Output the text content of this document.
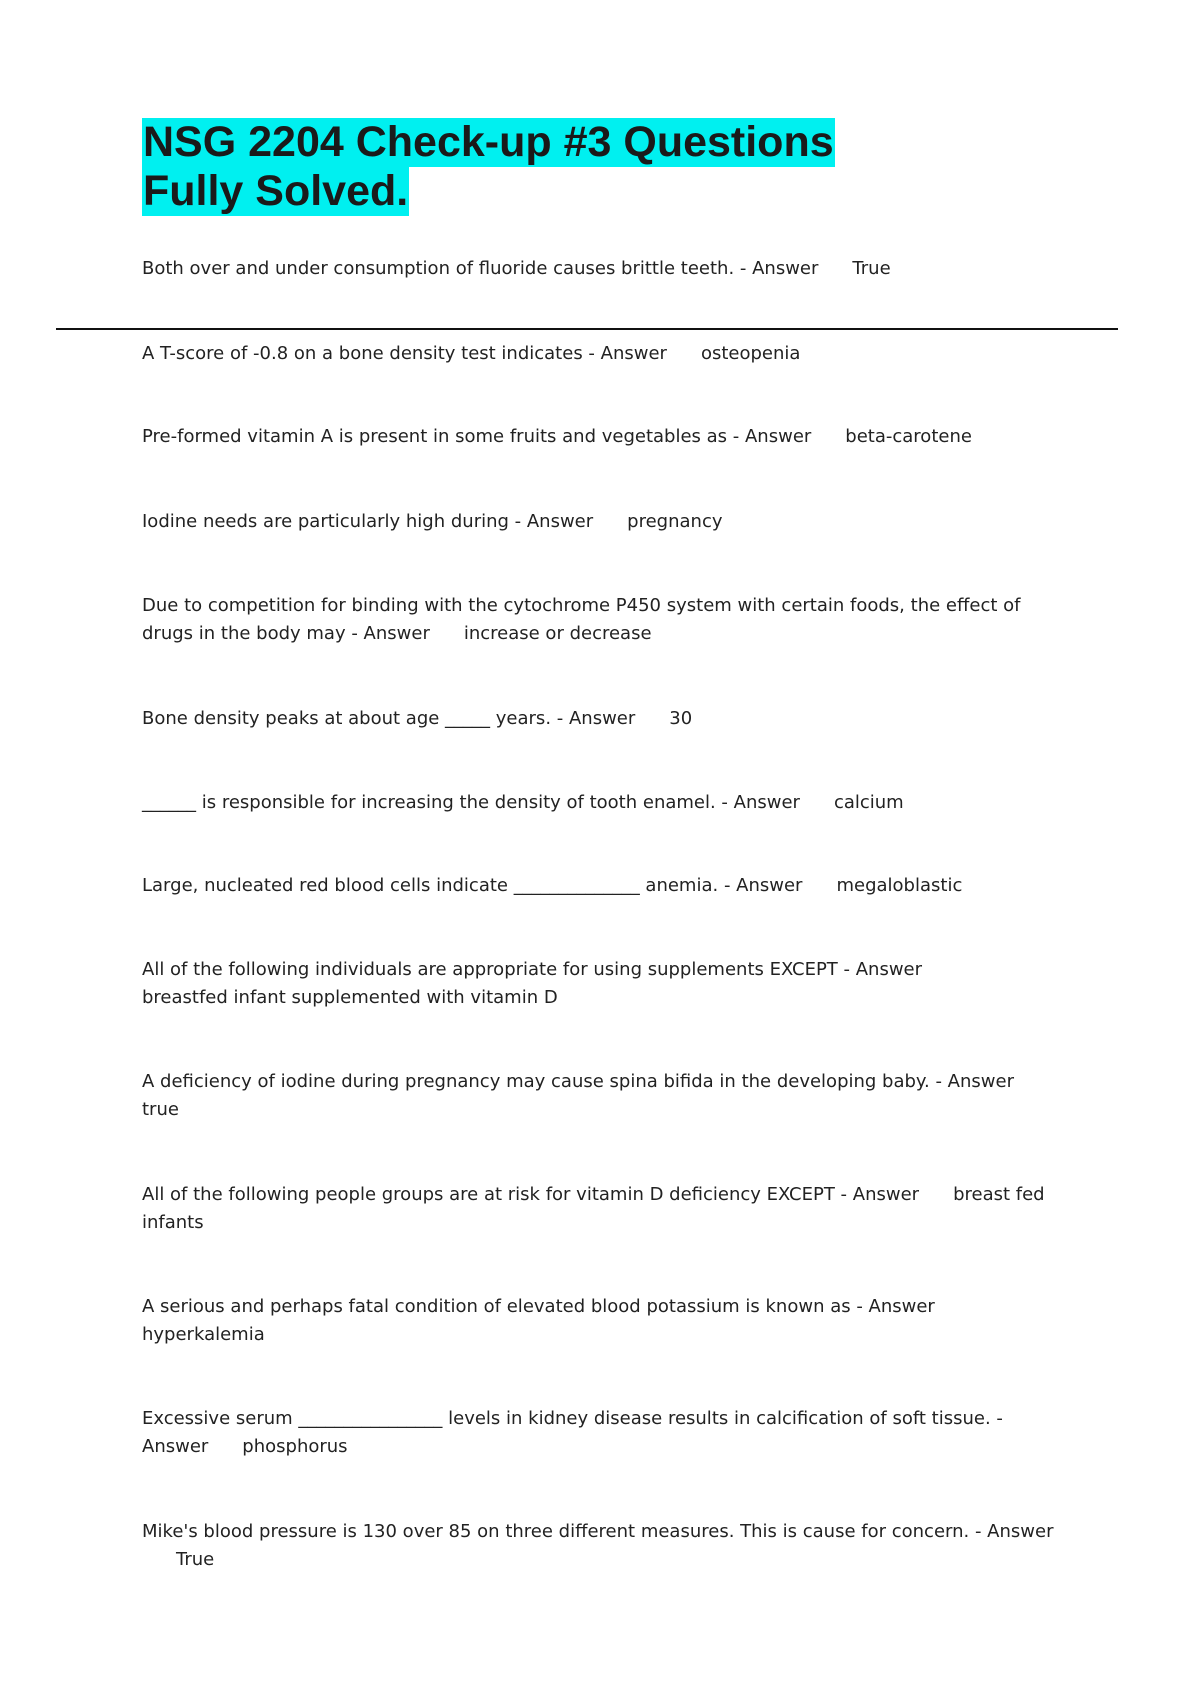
NSG 2204 Check-up #3 Questions
Fully Solved.

Both over and under consumption of fluoride causes brittle teeth. - Answer True

A T-score of -0.8 on a bone density test indicates - Answer osteopenia

Pre-formed vitamin A is present in some fruits and vegetables as - Answer beta-carotene

Iodine needs are particularly high during - Answer pregnancy

Due to competition for binding with the cytochrome P450 system with certain foods, the effect of drugs in the body may - Answer increase or decrease

Bone density peaks at about age _____ years. - Answer 30

______ is responsible for increasing the density of tooth enamel. - Answer calcium

Large, nucleated red blood cells indicate ______________ anemia. - Answer megaloblastic

All of the following individuals are appropriate for using supplements EXCEPT - Answer
breastfed infant supplemented with vitamin D

A deficiency of iodine during pregnancy may cause spina bifida in the developing baby. - Answer
true

All of the following people groups are at risk for vitamin D deficiency EXCEPT - Answer breast fed infants

A serious and perhaps fatal condition of elevated blood potassium is known as - Answer
hyperkalemia

Excessive serum ________________ levels in kidney disease results in calcification of soft tissue. - Answer phosphorus

Mike's blood pressure is 130 over 85 on three different measures. This is cause for concern. - AnswerTrue
